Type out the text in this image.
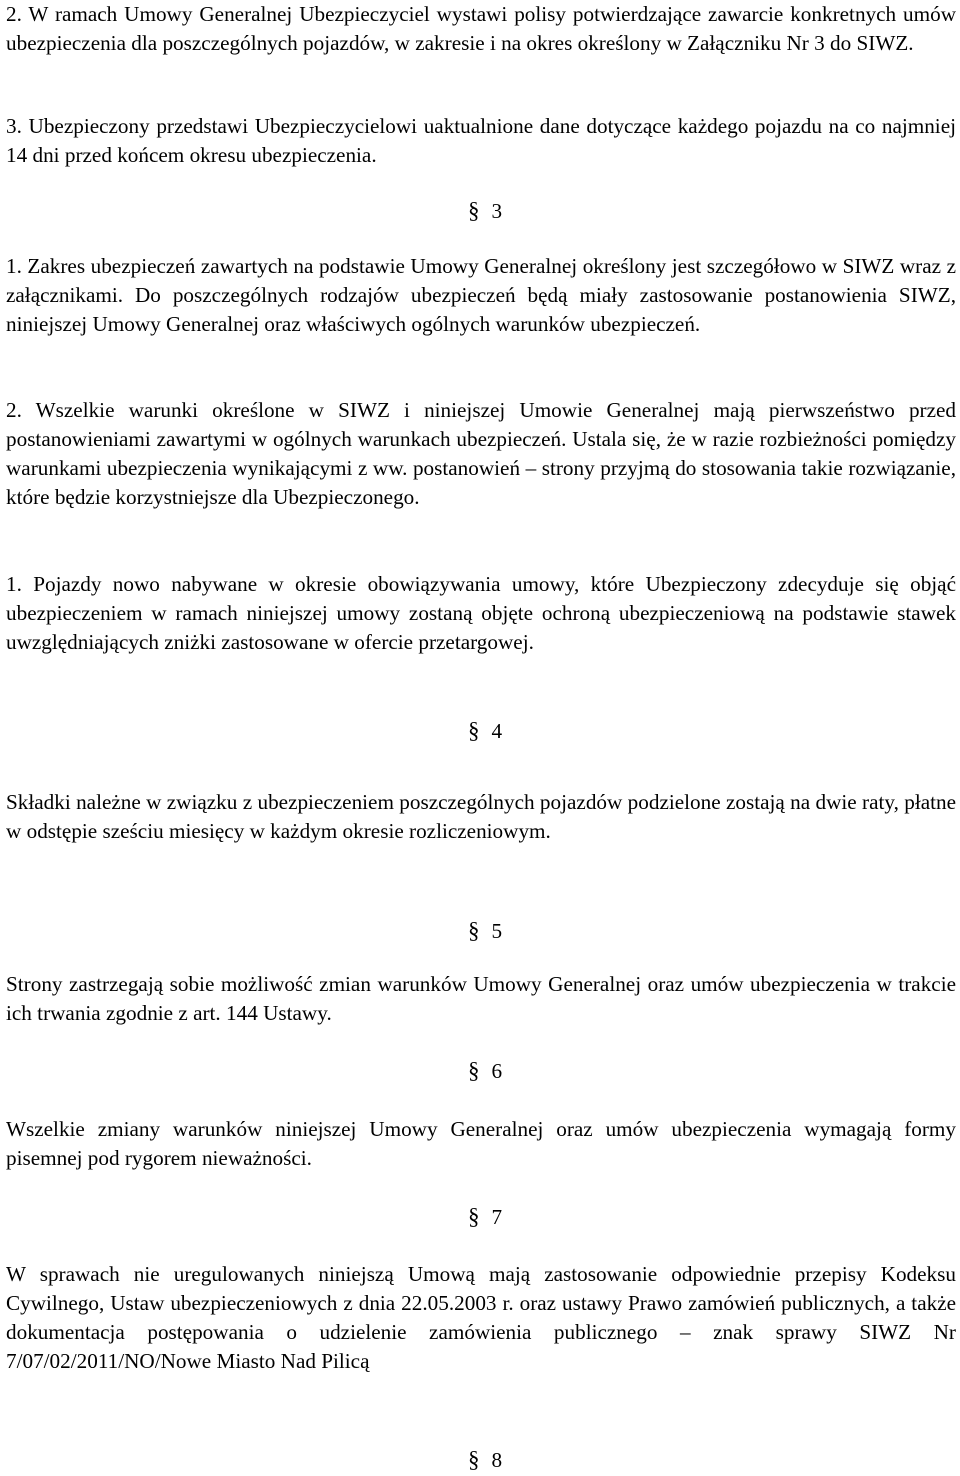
2. W ramach Umowy Generalnej Ubezpieczyciel wystawi polisy potwierdzające zawarcie konkretnych umów ubezpieczenia dla poszczególnych pojazdów, w zakresie i na okres określony w Załączniku Nr 3 do SIWZ.

3. Ubezpieczony przedstawi Ubezpieczycielowi uaktualnione dane dotyczące każdego pojazdu na co najmniej 14 dni przed końcem okresu ubezpieczenia.

§ 3

1. Zakres ubezpieczeń zawartych na podstawie Umowy Generalnej określony jest szczegółowo w SIWZ wraz z załącznikami. Do poszczególnych rodzajów ubezpieczeń będą miały zastosowanie postanowienia SIWZ, niniejszej Umowy Generalnej oraz właściwych ogólnych warunków ubezpieczeń.

2. Wszelkie warunki określone w SIWZ i niniejszej Umowie Generalnej mają pierwszeństwo przed postanowieniami zawartymi w ogólnych warunkach ubezpieczeń. Ustala się, że w razie rozbieżności pomiędzy warunkami ubezpieczenia wynikającymi z ww. postanowień – strony przyjmą do stosowania takie rozwiązanie, które będzie korzystniejsze dla Ubezpieczonego.

1. Pojazdy nowo nabywane w okresie obowiązywania umowy, które Ubezpieczony zdecyduje się objąć ubezpieczeniem w ramach niniejszej umowy zostaną objęte ochroną ubezpieczeniową na podstawie stawek uwzględniających zniżki zastosowane w ofercie przetargowej.

§ 4

Składki należne w związku z ubezpieczeniem poszczególnych pojazdów podzielone zostają na dwie raty, płatne w odstępie sześciu miesięcy w każdym okresie rozliczeniowym.

§ 5

Strony zastrzegają sobie możliwość zmian warunków Umowy Generalnej oraz umów ubezpieczenia w trakcie ich trwania zgodnie z art. 144 Ustawy.

§ 6

Wszelkie zmiany warunków niniejszej Umowy Generalnej oraz umów ubezpieczenia wymagają formy pisemnej pod rygorem nieważności.

§ 7

W sprawach nie uregulowanych niniejszą Umową mają zastosowanie odpowiednie przepisy Kodeksu Cywilnego, Ustaw ubezpieczeniowych z dnia 22.05.2003 r. oraz ustawy Prawo zamówień publicznych, a także dokumentacja postępowania o udzielenie zamówienia publicznego – znak sprawy SIWZ Nr 7/07/02/2011/NO/Nowe Miasto Nad Pilicą

§ 8
